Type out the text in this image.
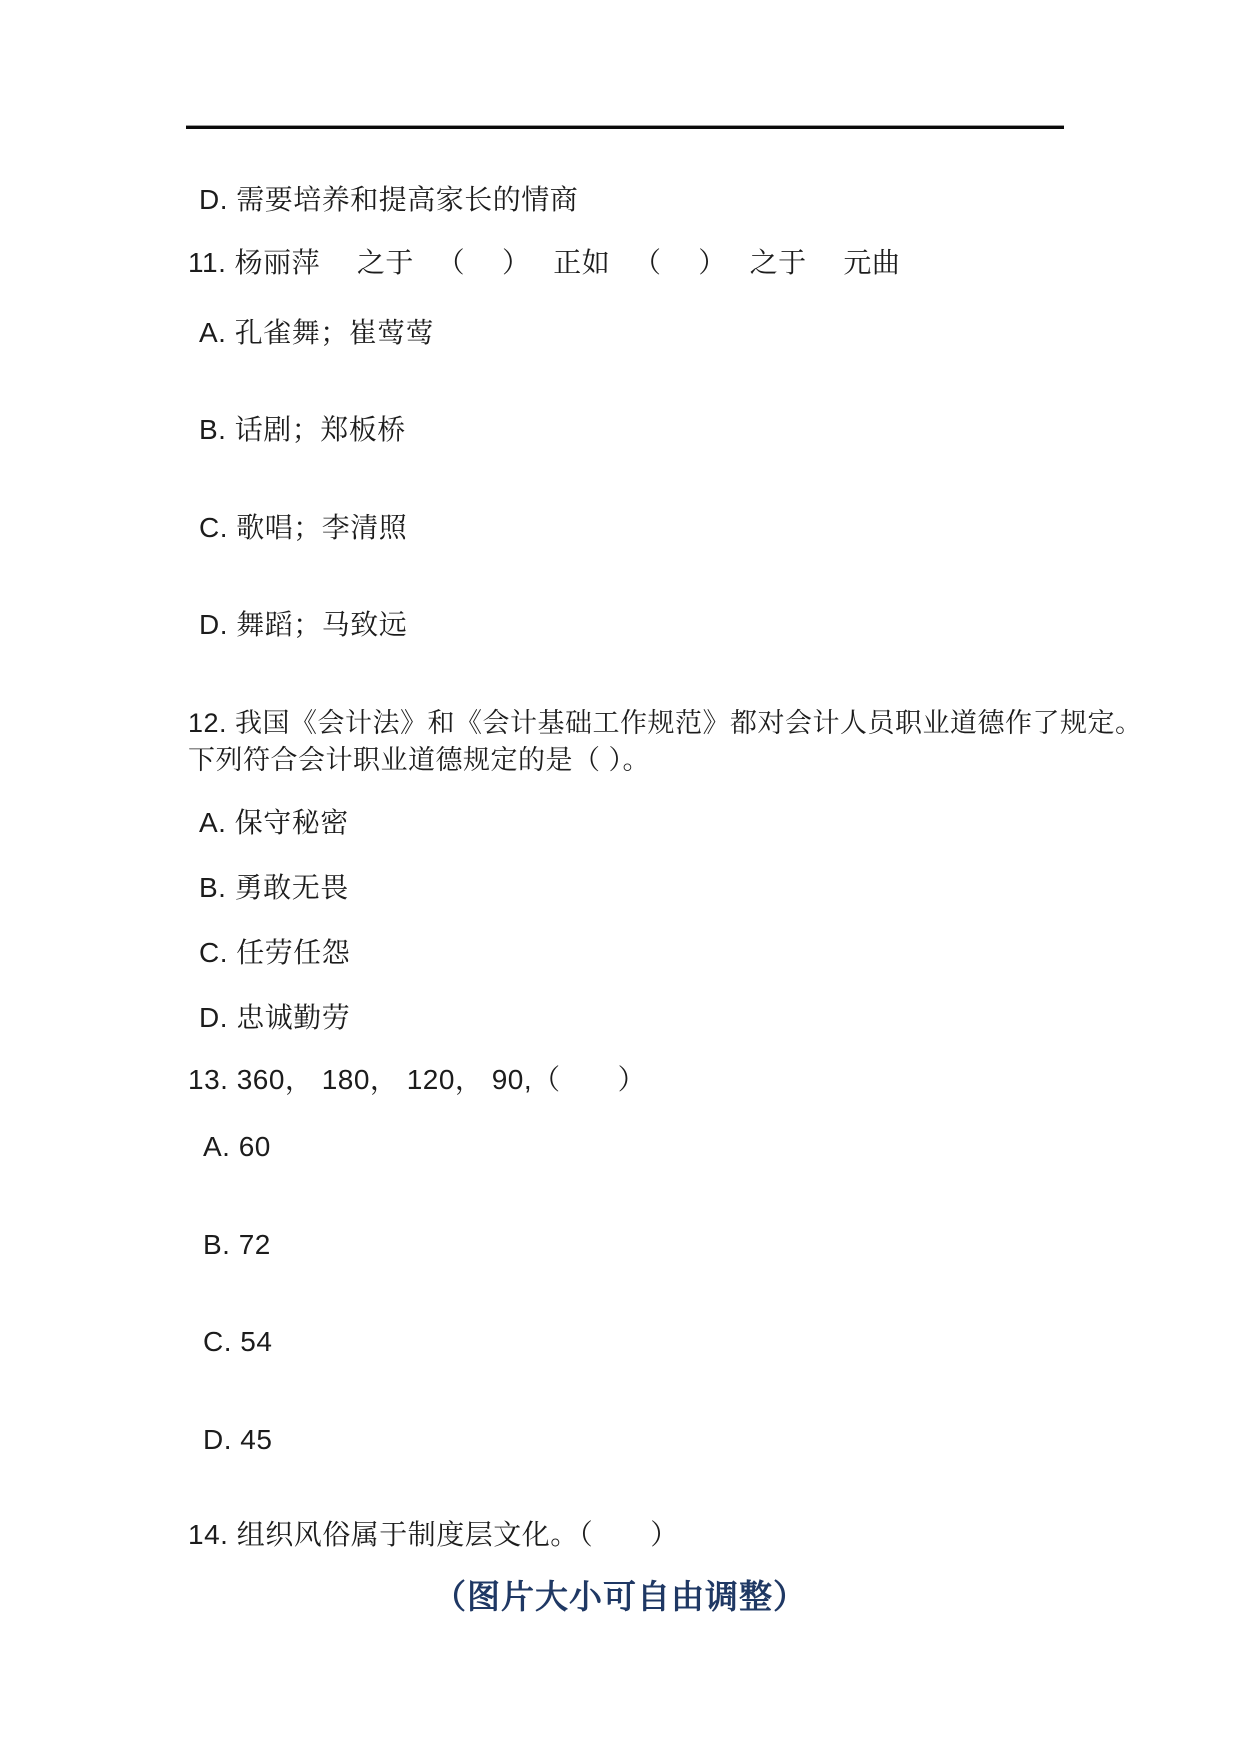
D. 需要培养和提高家长的情商
11. 杨丽萍　 之于 　（　 ）　 正如 　（　 ）　 之于 　元曲
A. 孔雀舞；崔莺莺
B. 话剧；郑板桥
C. 歌唱；李清照
D. 舞蹈；马致远
12. 我国《会计法》和《会计基础工作规范》都对会计人员职业道德作了规定。
下列符合会计职业道德规定的是（ ）。
A. 保守秘密
B. 勇敢无畏
C. 任劳任怨
D. 忠诚勤劳
13. 360， 180， 120， 90,（　　）
A. 60
B. 72
C. 54
D. 45
14. 组织风俗属于制度层文化。（　　）
（图片大小可自由调整）
